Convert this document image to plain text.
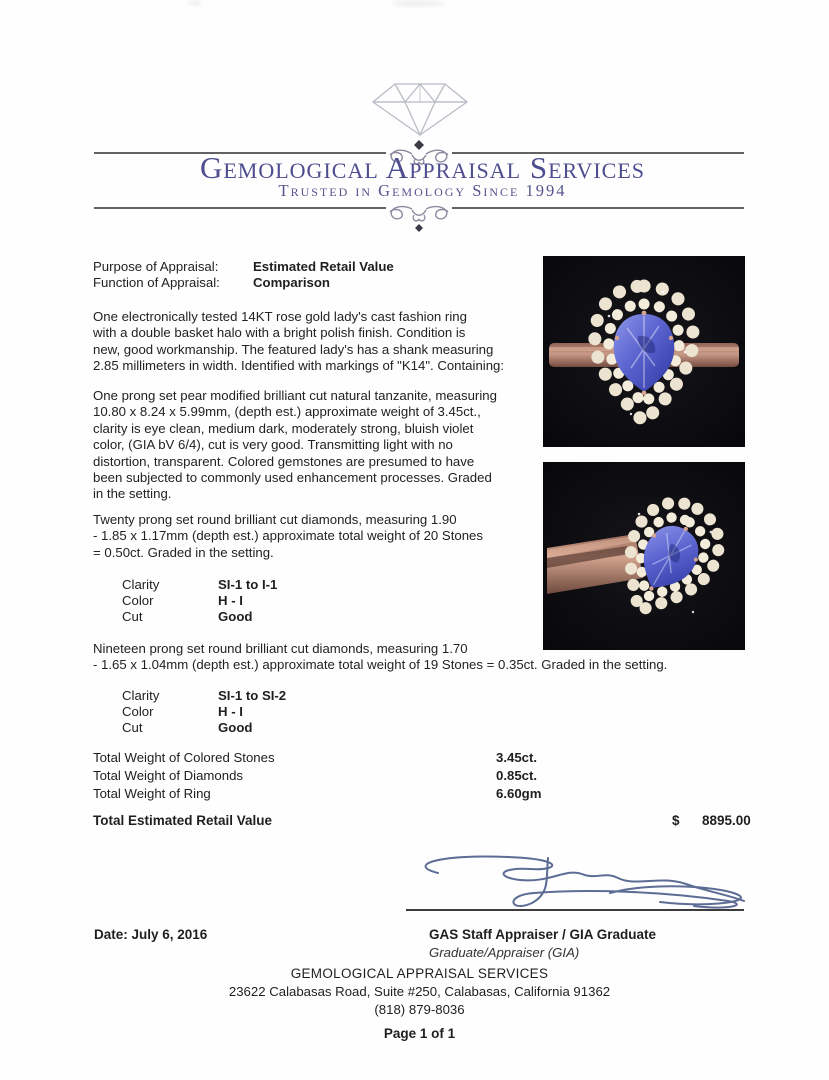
Gemological Appraisal Services
Trusted in Gemology Since 1994
Purpose of Appraisal:	Estimated Retail Value
Function of Appraisal:	Comparison
One electronically tested 14KT rose gold lady's cast fashion ring
with a double basket halo with a bright polish finish. Condition is
new, good workmanship. The featured lady's has a shank measuring
2.85 millimeters in width. Identified with markings of "K14". Containing:
One prong set pear modified brilliant cut natural tanzanite, measuring
10.80 x 8.24 x 5.99mm, (depth est.) approximate weight of 3.45ct.,
clarity is eye clean, medium dark, moderately strong, bluish violet
color, (GIA bV 6/4), cut is very good. Transmitting light with no
distortion, transparent. Colored gemstones are presumed to have
been subjected to commonly used enhancement processes. Graded
in the setting.
Twenty prong set round brilliant cut diamonds, measuring 1.90
- 1.85 x 1.17mm (depth est.) approximate total weight of 20 Stones
= 0.50ct. Graded in the setting.
Nineteen prong set round brilliant cut diamonds, measuring 1.70
- 1.65 x 1.04mm (depth est.) approximate total weight of 19 Stones = 0.35ct. Graded in the setting.
Clarity	SI-1 to I-1
Color	H - I
Cut	Good
Clarity	SI-1 to SI-2
Color	H - I
Cut	Good
Total Weight of Colored Stones	3.45ct.
Total Weight of Diamonds	0.85ct.
Total Weight of Ring	6.60gm
Total Estimated Retail Value	$ 8895.00
Date: July 6, 2016	GAS Staff Appraiser / GIA Graduate
Graduate/Appraiser (GIA)
GEMOLOGICAL APPRAISAL SERVICES
23622 Calabasas Road, Suite #250, Calabasas, California 91362
(818) 879-8036
Page 1 of 1
